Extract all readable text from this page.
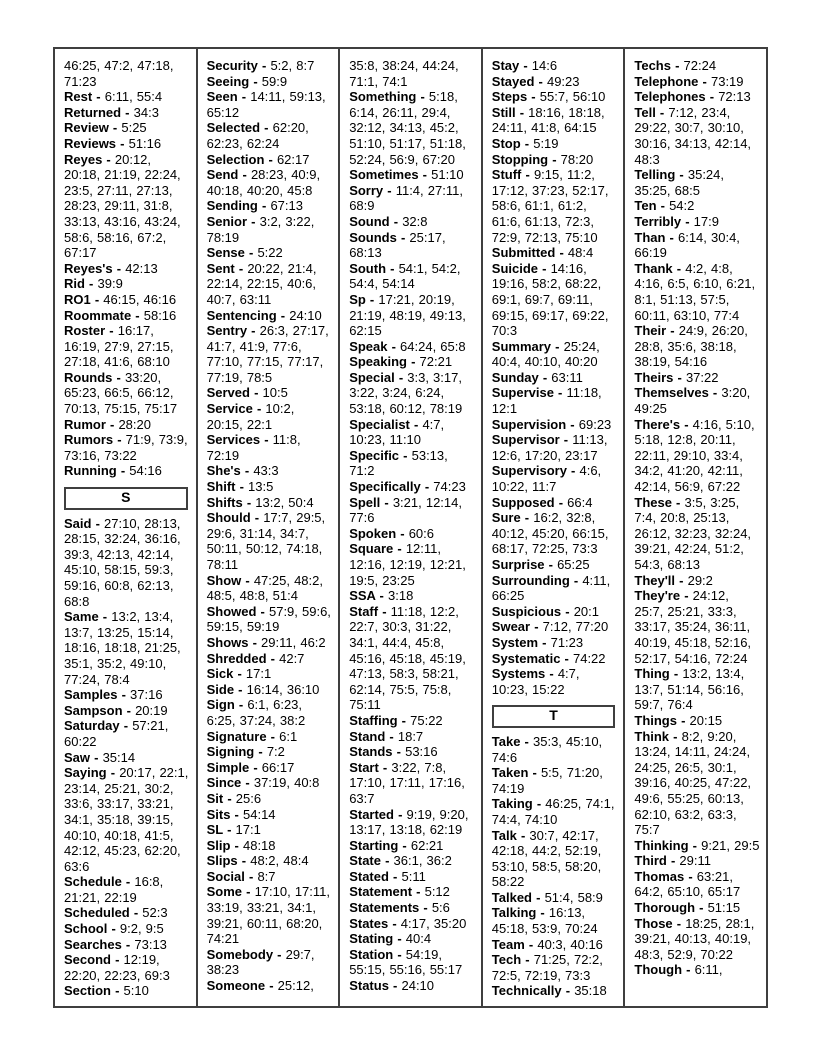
46:25, 47:2, 47:18, 71:23
Rest - 6:11, 55:4
Returned - 34:3
Review - 5:25
Reviews - 51:16
Reyes - 20:12, 20:18, 21:19, 22:24, 23:5, 27:11, 27:13, 28:23, 29:11, 31:8, 33:13, 43:16, 43:24, 58:6, 58:16, 67:2, 67:17
Reyes's - 42:13
Rid - 39:9
RO1 - 46:15, 46:16
Roommate - 58:16
Roster - 16:17, 16:19, 27:9, 27:15, 27:18, 41:6, 68:10
Rounds - 33:20, 65:23, 66:5, 66:12, 70:13, 75:15, 75:17
Rumor - 28:20
Rumors - 71:9, 73:9, 73:16, 73:22
Running - 54:16
S
Said - 27:10, 28:13, 28:15, 32:24, 36:16, 39:3, 42:13, 42:14, 45:10, 58:15, 59:3, 59:16, 60:8, 62:13, 68:8
Same - 13:2, 13:4, 13:7, 13:25, 15:14, 18:16, 18:18, 21:25, 35:1, 35:2, 49:10, 77:24, 78:4
Samples - 37:16
Sampson - 20:19
Saturday - 57:21, 60:22
Saw - 35:14
Saying - 20:17, 22:1, 23:14, 25:21, 30:2, 33:6, 33:17, 33:21, 34:1, 35:18, 39:15, 40:10, 40:18, 41:5, 42:12, 45:23, 62:20, 63:6
Schedule - 16:8, 21:21, 22:19
Scheduled - 52:3
School - 9:2, 9:5
Searches - 73:13
Second - 12:19, 22:20, 22:23, 69:3
Section - 5:10
Security - 5:2, 8:7
Seeing - 59:9
Seen - 14:11, 59:13, 65:12
Selected - 62:20, 62:23, 62:24
Selection - 62:17
Send - 28:23, 40:9, 40:18, 40:20, 45:8
Sending - 67:13
Senior - 3:2, 3:22, 78:19
Sense - 5:22
Sent - 20:22, 21:4, 22:14, 22:15, 40:6, 40:7, 63:11
Sentencing - 24:10
Sentry - 26:3, 27:17, 41:7, 41:9, 77:6, 77:10, 77:15, 77:17, 77:19, 78:5
Served - 10:5
Service - 10:2, 20:15, 22:1
Services - 11:8, 72:19
She's - 43:3
Shift - 13:5
Shifts - 13:2, 50:4
Should - 17:7, 29:5, 29:6, 31:14, 34:7, 50:11, 50:12, 74:18, 78:11
Show - 47:25, 48:2, 48:5, 48:8, 51:4
Showed - 57:9, 59:6, 59:15, 59:19
Shows - 29:11, 46:2
Shredded - 42:7
Sick - 17:1
Side - 16:14, 36:10
Sign - 6:1, 6:23, 6:25, 37:24, 38:2
Signature - 6:1
Signing - 7:2
Simple - 66:17
Since - 37:19, 40:8
Sit - 25:6
Sits - 54:14
SL - 17:1
Slip - 48:18
Slips - 48:2, 48:4
Social - 8:7
Some - 17:10, 17:11, 33:19, 33:21, 34:1, 39:21, 60:11, 68:20, 74:21
Somebody - 29:7, 38:23
Someone - 25:12,
35:8, 38:24, 44:24, 71:1, 74:1
Something - 5:18, 6:14, 26:11, 29:4, 32:12, 34:13, 45:2, 51:10, 51:17, 51:18, 52:24, 56:9, 67:20
Sometimes - 51:10
Sorry - 11:4, 27:11, 68:9
Sound - 32:8
Sounds - 25:17, 68:13
South - 54:1, 54:2, 54:4, 54:14
Sp - 17:21, 20:19, 21:19, 48:19, 49:13, 62:15
Speak - 64:24, 65:8
Speaking - 72:21
Special - 3:3, 3:17, 3:22, 3:24, 6:24, 53:18, 60:12, 78:19
Specialist - 4:7, 10:23, 11:10
Specific - 53:13, 71:2
Specifically - 74:23
Spell - 3:21, 12:14, 77:6
Spoken - 60:6
Square - 12:11, 12:16, 12:19, 12:21, 19:5, 23:25
SSA - 3:18
Staff - 11:18, 12:2, 22:7, 30:3, 31:22, 34:1, 44:4, 45:8, 45:16, 45:18, 45:19, 47:13, 58:3, 58:21, 62:14, 75:5, 75:8, 75:11
Staffing - 75:22
Stand - 18:7
Stands - 53:16
Start - 3:22, 7:8, 17:10, 17:11, 17:16, 63:7
Started - 9:19, 9:20, 13:17, 13:18, 62:19
Starting - 62:21
State - 36:1, 36:2
Stated - 5:11
Statement - 5:12
Statements - 5:6
States - 4:17, 35:20
Stating - 40:4
Station - 54:19, 55:15, 55:16, 55:17
Status - 24:10
Stay - 14:6
Stayed - 49:23
Steps - 55:7, 56:10
Still - 18:16, 18:18, 24:11, 41:8, 64:15
Stop - 5:19
Stopping - 78:20
Stuff - 9:15, 11:2, 17:12, 37:23, 52:17, 58:6, 61:1, 61:2, 61:6, 61:13, 72:3, 72:9, 72:13, 75:10
Submitted - 48:4
Suicide - 14:16, 19:16, 58:2, 68:22, 69:1, 69:7, 69:11, 69:15, 69:17, 69:22, 70:3
Summary - 25:24, 40:4, 40:10, 40:20
Sunday - 63:11
Supervise - 11:18, 12:1
Supervision - 69:23
Supervisor - 11:13, 12:6, 17:20, 23:17
Supervisory - 4:6, 10:22, 11:7
Supposed - 66:4
Sure - 16:2, 32:8, 40:12, 45:20, 66:15, 68:17, 72:25, 73:3
Surprise - 65:25
Surrounding - 4:11, 66:25
Suspicious - 20:1
Swear - 7:12, 77:20
System - 71:23
Systematic - 74:22
Systems - 4:7, 10:23, 15:22
T
Take - 35:3, 45:10, 74:6
Taken - 5:5, 71:20, 74:19
Taking - 46:25, 74:1, 74:4, 74:10
Talk - 30:7, 42:17, 42:18, 44:2, 52:19, 53:10, 58:5, 58:20, 58:22
Talked - 51:4, 58:9
Talking - 16:13, 45:18, 53:9, 70:24
Team - 40:3, 40:16
Tech - 71:25, 72:2, 72:5, 72:19, 73:3
Technically - 35:18
Techs - 72:24
Telephone - 73:19
Telephones - 72:13
Tell - 7:12, 23:4, 29:22, 30:7, 30:10, 30:16, 34:13, 42:14, 48:3
Telling - 35:24, 35:25, 68:5
Ten - 54:2
Terribly - 17:9
Than - 6:14, 30:4, 66:19
Thank - 4:2, 4:8, 4:16, 6:5, 6:10, 6:21, 8:1, 51:13, 57:5, 60:11, 63:10, 77:4
Their - 24:9, 26:20, 28:8, 35:6, 38:18, 38:19, 54:16
Theirs - 37:22
Themselves - 3:20, 49:25
There's - 4:16, 5:10, 5:18, 12:8, 20:11, 22:11, 29:10, 33:4, 34:2, 41:20, 42:11, 42:14, 56:9, 67:22
These - 3:5, 3:25, 7:4, 20:8, 25:13, 26:12, 32:23, 32:24, 39:21, 42:24, 51:2, 54:3, 68:13
They'll - 29:2
They're - 24:12, 25:7, 25:21, 33:3, 33:17, 35:24, 36:11, 40:19, 45:18, 52:16, 52:17, 54:16, 72:24
Thing - 13:2, 13:4, 13:7, 51:14, 56:16, 59:7, 76:4
Things - 20:15
Think - 8:2, 9:20, 13:24, 14:11, 24:24, 24:25, 26:5, 30:1, 39:16, 40:25, 47:22, 49:6, 55:25, 60:13, 62:10, 63:2, 63:3, 75:7
Thinking - 9:21, 29:5
Third - 29:11
Thomas - 63:21, 64:2, 65:10, 65:17
Thorough - 51:15
Those - 18:25, 28:1, 39:21, 40:13, 40:19, 48:3, 52:9, 70:22
Though - 6:11,
